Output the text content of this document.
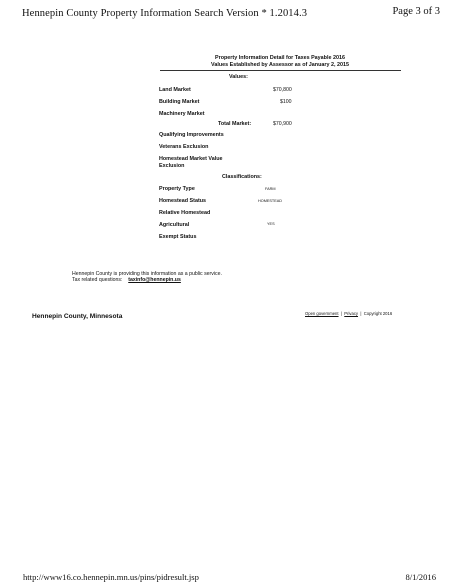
Hennepin County Property Information Search Version * 1.2014.3	Page 3 of 3
Property Information Detail for Taxes Payable 2016
Values Established by Assessor as of January 2, 2015
Values:
Land Market	$70,800
Building Market	$100
Machinery Market
Total Market:	$70,900
Qualifying Improvements
Veterans Exclusion
Homestead Market Value
Exclusion
Classifications:
Property Type	FARM
Homestead Status	HOMESTEAD
Relative Homestead
Agricultural	YES
Exempt Status
Hennepin County is providing this information as a public service.
Tax related questions: taxinfo@hennepin.us
Hennepin County, Minnesota	Open government | Privacy | Copyright 2016
http://www16.co.hennepin.mn.us/pins/pidresult.jsp	8/1/2016
